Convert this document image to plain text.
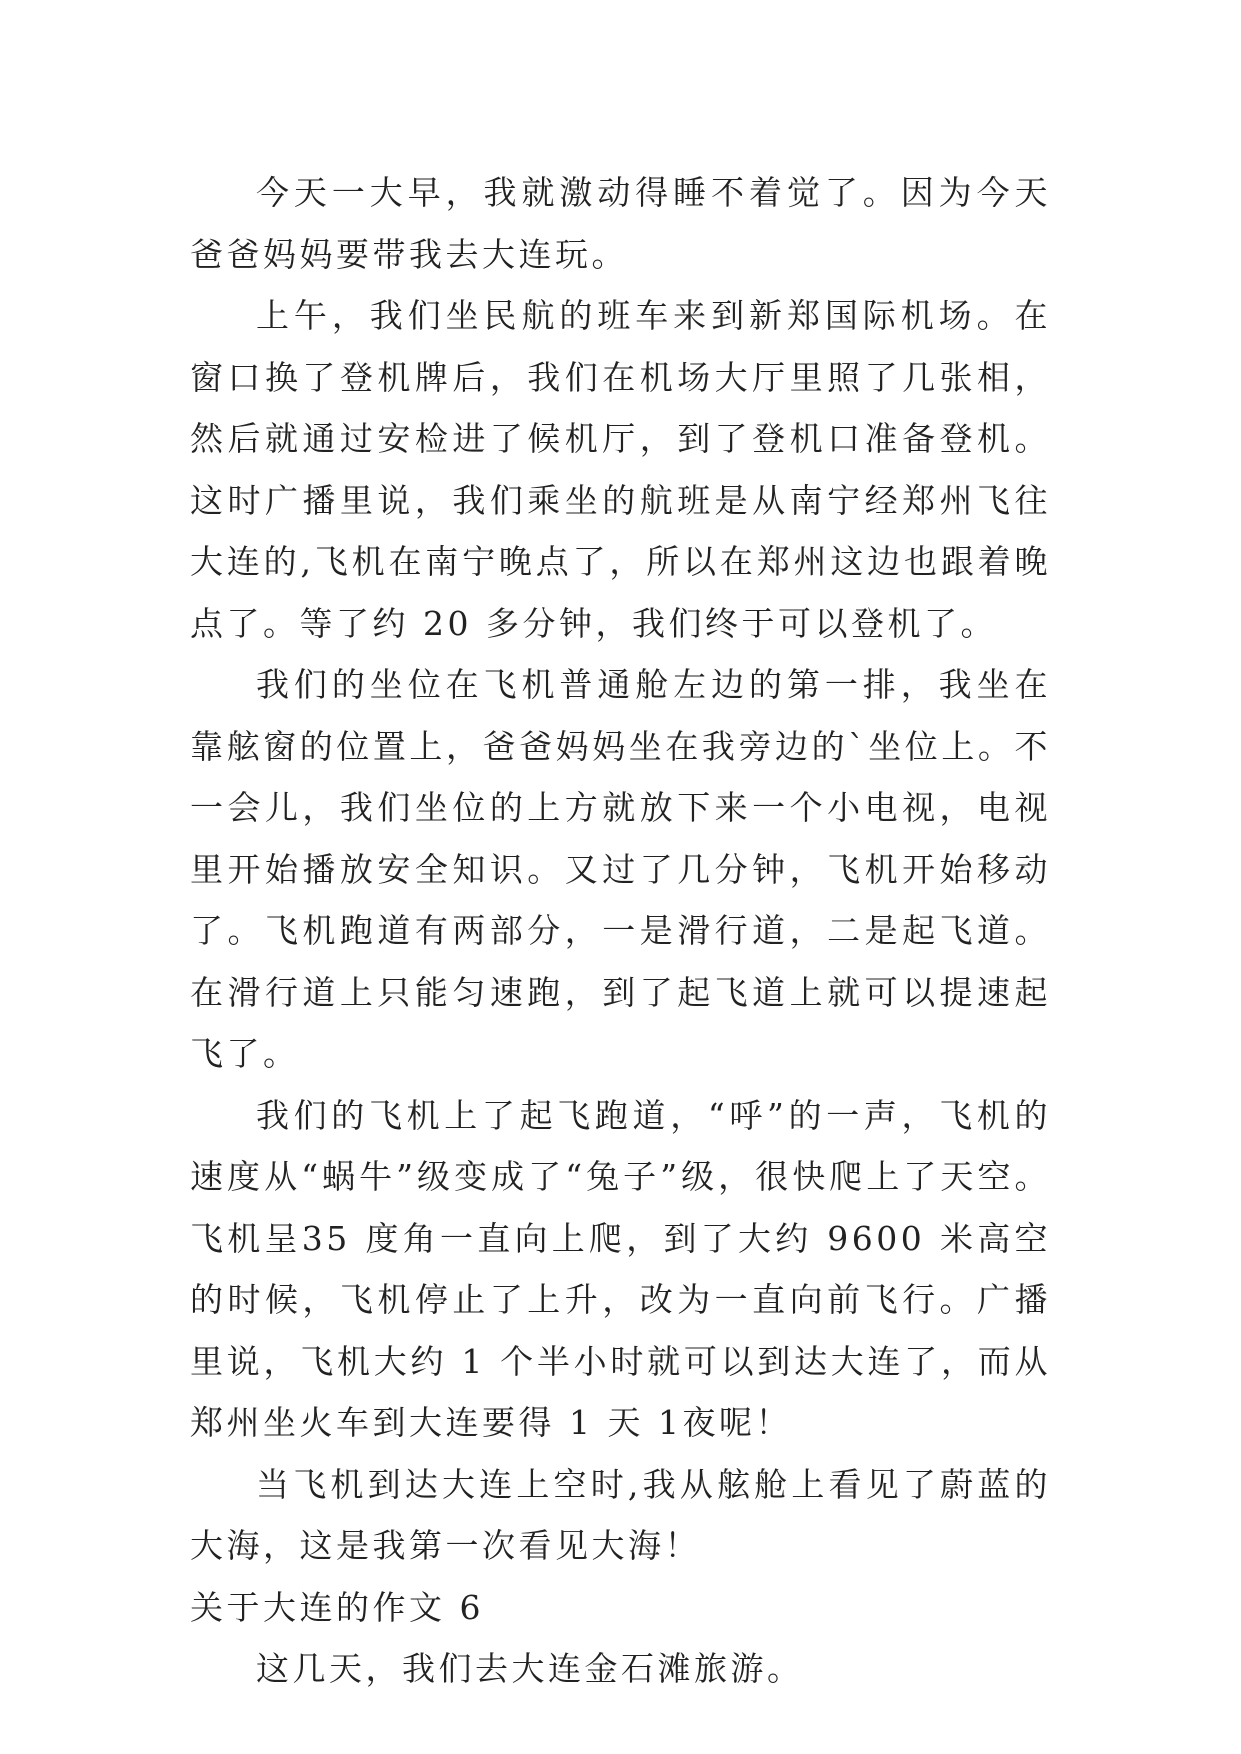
今天一大早，我就激动得睡不着觉了。因为今天爸爸妈妈要带我去大连玩。

上午，我们坐民航的班车来到新郑国际机场。在窗口换了登机牌后，我们在机场大厅里照了几张相，然后就通过安检进了候机厅，到了登机口准备登机。这时广播里说，我们乘坐的航班是从南宁经郑州飞往大连的,飞机在南宁晚点了，所以在郑州这边也跟着晚点了。等了约 20 多分钟，我们终于可以登机了。

我们的坐位在飞机普通舱左边的第一排，我坐在靠舷窗的位置上，爸爸妈妈坐在我旁边的`坐位上。不一会儿，我们坐位的上方就放下来一个小电视，电视里开始播放安全知识。又过了几分钟，飞机开始移动了。飞机跑道有两部分，一是滑行道，二是起飞道。在滑行道上只能匀速跑，到了起飞道上就可以提速起飞了。

我们的飞机上了起飞跑道，“呼”的一声，飞机的速度从“蜗牛”级变成了“兔子”级，很快爬上了天空。飞机呈35 度角一直向上爬，到了大约 9600 米高空的时候，飞机停止了上升，改为一直向前飞行。广播里说，飞机大约 1 个半小时就可以到达大连了，而从郑州坐火车到大连要得 1 天 1夜呢！

当飞机到达大连上空时,我从舷舱上看见了蔚蓝的大海，这是我第一次看见大海！

关于大连的作文 6

这几天，我们去大连金石滩旅游。
